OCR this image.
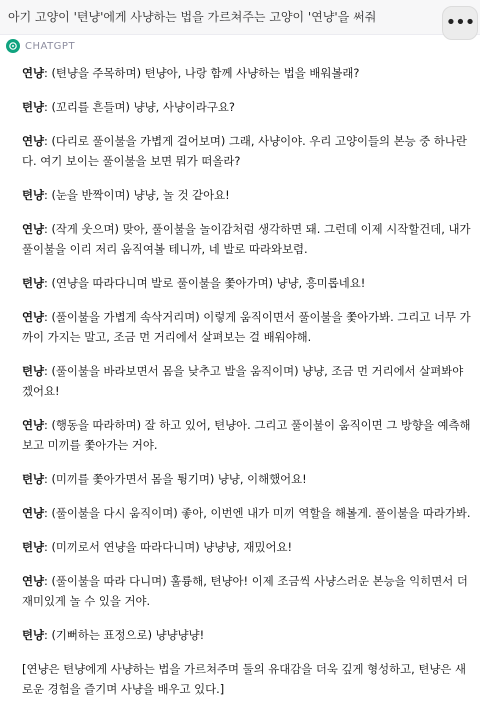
아기 고양이 '텬냥'에게 사냥하는 법을 가르쳐주는 고양이 '연냥'을 써줘	•••
CHATGPT

연냥: (텬냥을 주목하며) 텬냥아, 나랑 함께 사냥하는 법을 배워볼래?

텬냥: (꼬리를 흔들며) 냥냥, 사냥이라구요?

연냥: (다리로 풀이불을 가볍게 걸어보며) 그래, 사냥이야. 우리 고양이들의 본능 중 하나란다. 여기 보이는 풀이불을 보면 뭐가 떠올라?

텬냥: (눈을 반짝이며) 냥냥, 놀 것 같아요!

연냥: (작게 웃으며) 맞아, 풀이불을 놀이감처럼 생각하면 돼. 그런데 이제 시작할건데, 내가 풀이불을 이리 저리 움직여볼 테니까, 네 발로 따라와보렴.

텬냥: (연냥을 따라다니며 발로 풀이불을 쫓아가며) 냥냥, 흥미롭네요!

연냥: (풀이불을 가볍게 속삭거리며) 이렇게 움직이면서 풀이불을 쫓아가봐. 그리고 너무 가까이 가지는 말고, 조금 먼 거리에서 살펴보는 걸 배워야해.

텬냥: (풀이불을 바라보면서 몸을 낮추고 발을 움직이며) 냥냥, 조금 먼 거리에서 살펴봐야겠어요!

연냥: (행동을 따라하며) 잘 하고 있어, 텬냥아. 그리고 풀이불이 움직이면 그 방향을 예측해보고 미끼를 쫓아가는 거야.

텬냥: (미끼를 쫓아가면서 몸을 튕기며) 냥냥, 이해했어요!

연냥: (풀이불을 다시 움직이며) 좋아, 이번엔 내가 미끼 역할을 해볼게. 풀이불을 따라가봐.

텬냥: (미끼로서 연냥을 따라다니며) 냥냥냥, 재밌어요!

연냥: (풀이불을 따라 다니며) 훌륭해, 텬냥아! 이제 조금씩 사냥스러운 본능을 익히면서 더 재미있게 놀 수 있을 거야.

텬냥: (기뻐하는 표정으로) 냥냥냥냥!

[연냥은 텬냥에게 사냥하는 법을 가르쳐주며 둘의 유대감을 더욱 깊게 형성하고, 텬냥은 새로운 경험을 즐기며 사냥을 배우고 있다.]
